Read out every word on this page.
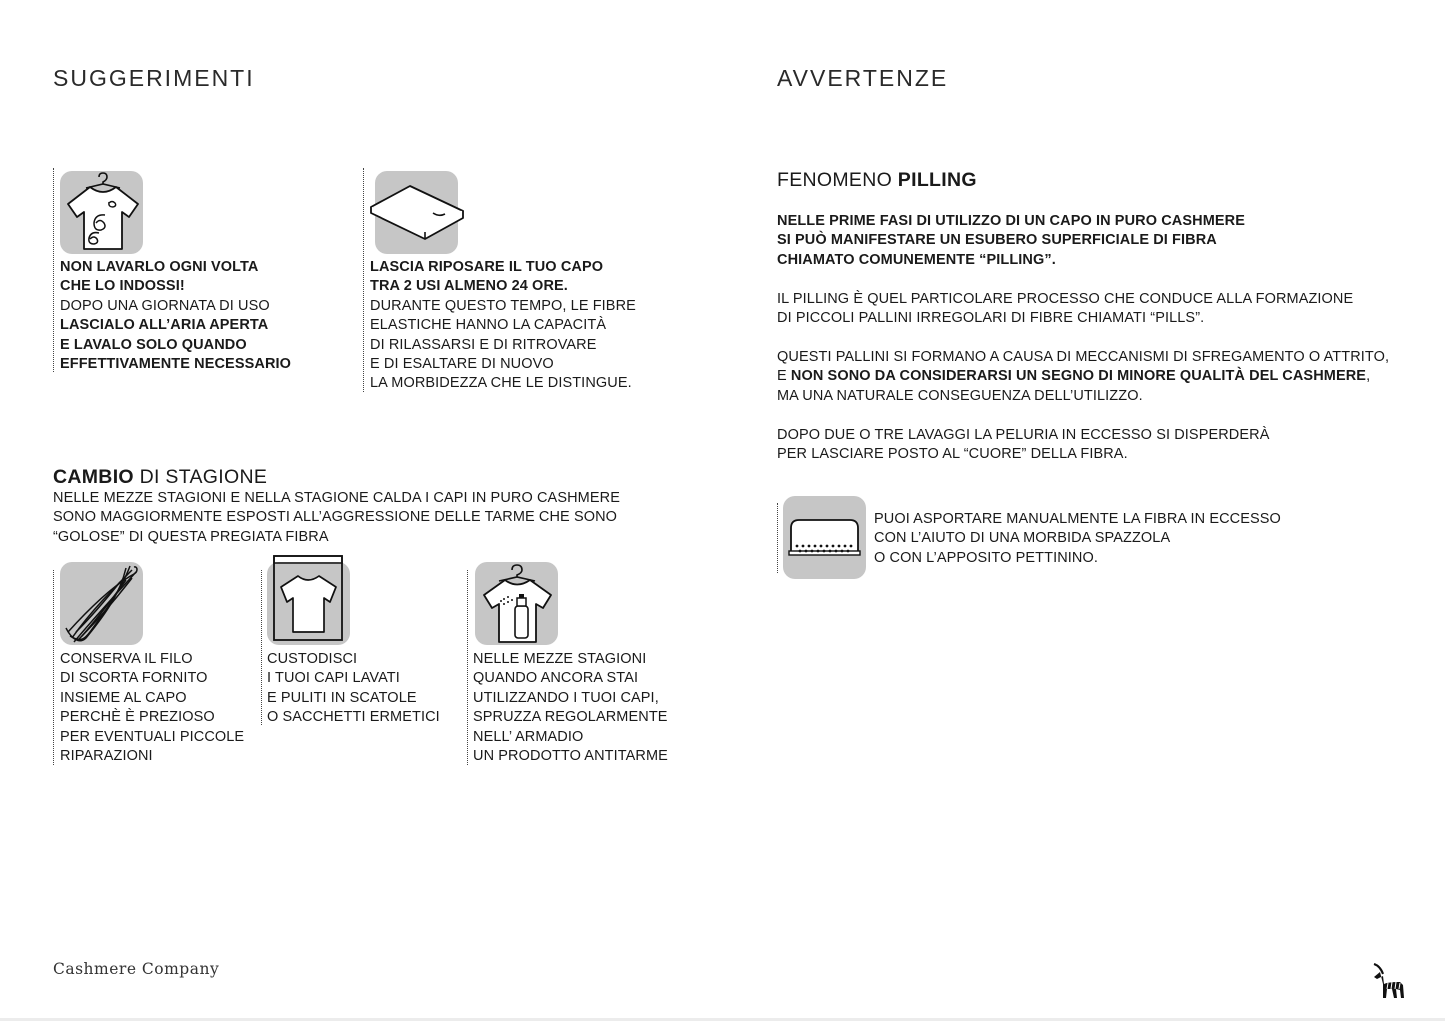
SUGGERIMENTI
NON LAVARLO OGNI VOLTA
CHE LO INDOSSI!
DOPO UNA GIORNATA DI USO
LASCIALO ALL’ARIA APERTA
E LAVALO SOLO QUANDO
EFFETTIVAMENTE NECESSARIO
LASCIA RIPOSARE IL TUO CAPO
TRA 2 USI ALMENO 24 ORE.
DURANTE QUESTO TEMPO, LE FIBRE
ELASTICHE HANNO LA CAPACITÀ
DI RILASSARSI E DI RITROVARE
E DI ESALTARE DI NUOVO
LA MORBIDEZZA CHE LE DISTINGUE.
CAMBIO DI STAGIONE
NELLE MEZZE STAGIONI E NELLA STAGIONE CALDA I CAPI IN PURO CASHMERE
SONO MAGGIORMENTE ESPOSTI ALL’AGGRESSIONE DELLE TARME CHE SONO
“GOLOSE” DI QUESTA PREGIATA FIBRA
CONSERVA IL FILO
DI SCORTA FORNITO
INSIEME AL CAPO
PERCHÈ È PREZIOSO
PER EVENTUALI PICCOLE
RIPARAZIONI
CUSTODISCI
I TUOI CAPI LAVATI
E PULITI IN SCATOLE
O SACCHETTI ERMETICI
NELLE MEZZE STAGIONI
QUANDO ANCORA STAI
UTILIZZANDO I TUOI CAPI,
SPRUZZA REGOLARMENTE
NELL’ ARMADIO
UN PRODOTTO ANTITARME
AVVERTENZE
FENOMENO PILLING
NELLE PRIME FASI DI UTILIZZO DI UN CAPO IN PURO CASHMERE
SI PUÒ MANIFESTARE UN ESUBERO SUPERFICIALE DI FIBRA
CHIAMATO COMUNEMENTE “PILLING”.
IL PILLING È QUEL PARTICOLARE PROCESSO CHE CONDUCE ALLA FORMAZIONE
DI PICCOLI PALLINI IRREGOLARI DI FIBRE CHIAMATI “PILLS”.
QUESTI PALLINI SI FORMANO A CAUSA DI MECCANISMI DI SFREGAMENTO O ATTRITO,
E NON SONO DA CONSIDERARSI UN SEGNO DI MINORE QUALITÀ DEL CASHMERE,
MA UNA NATURALE CONSEGUENZA DELL’UTILIZZO.
DOPO DUE O TRE LAVAGGI LA PELURIA IN ECCESSO SI DISPERDERÀ
PER LASCIARE POSTO AL “CUORE” DELLA FIBRA.
PUOI ASPORTARE MANUALMENTE LA FIBRA IN ECCESSO
CON L’AIUTO DI UNA MORBIDA SPAZZOLA
O CON L’APPOSITO PETTININO.
Cashmere Company
